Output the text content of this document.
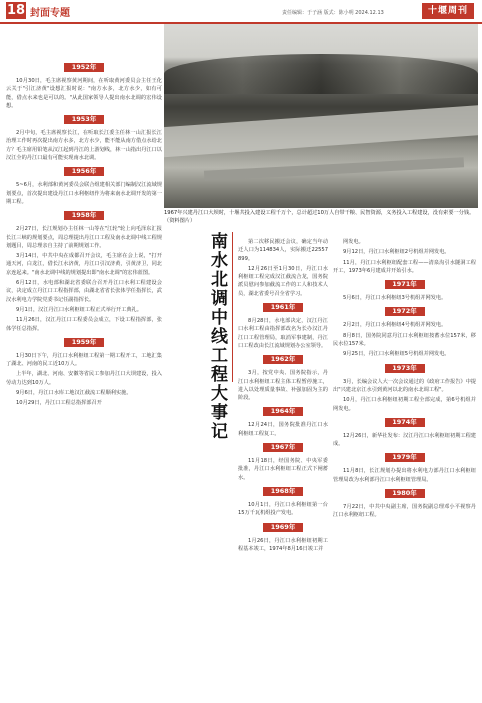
18 封面专题	责任编辑：于子涵 版式：陈小明 2024.12.13	十堰周刊
1967年兴建丹江口大坝时，十堰共投入建设工程千万个，总计超过10万人自带干粮、民智资源，义务投入工程建设，没有索要一分钱。（资料图片）
南水北调中线工程大事记
1952年

10月30日，毛主席视察黄河期间，在听取黄河委员会主任王化云关于"引江济黄"设想汇报时说："南方水多，北方水少，如有可能，借点水来也是可以的。"从此国家领导人提出南水北调的宏伟设想。

1953年

2月中旬，毛主席视察长江，在听取长江委主任林一山汇报长江治理工作时再次提出南方水多，北方水少，能不能从南方借点水给北方？毛主席用铅笔从汉江起到丹江的上游划线，林一山指出丹江口以汉江全的丹江口最有可能实现南水北调。

1956年

5~6月，水利部和黄河委员会联合组建相关部门编制汉江流域规划要点，首次提出建设丹江口水利枢纽作为将来南水北调开发的第一期工程。

1958年

2月27日，长江规划办主任林一山等在"江轮"轮上向毛泽东汇报长江三峡的规划要点，周总理提出丹江口工程及南水北调中线工程规划题目，周总理亲自主持了前期规划工作。

3月14日，中共中央在成都召开会议，毛主席在会上说，"打开通天河，白龙江，借长江水济黄，丹江口引汉济黄，引黄济卫，同北京连起来。"南水北调中线的规划提出即"南水北调"的宏伟蓝图。

6月12日，水电部和湖北省委联合召开丹江口水利工程建设会议，决定成立丹江口工程指挥部，由湖北省省长张体学任指挥长，武汉水利电力学院党委书记任副指挥长。

9月1日，汉江丹江口水利枢纽工程正式举行开工典礼。

11月26日，汉江丹江口工程委员会成立，下设工程指挥部，张体学任总指挥。

1959年

1月30日下午，丹江口水利枢纽工程第一期工程开工，工地汇集了湖北、河南的民工近10万人。

上半年，湖北、河南、安徽等省民工参加丹江口大坝建设，投入劳动力达到10万人。

9月6日，丹江口水库工地汉江截流工程顺利实施。

10月29日，丹江口工程总指挥部召开

第二次移民搬迁会议，确定当年动迁人口为114834人，实际搬迁22557899。

12月26日至1月30日，丹江口水利枢纽工程完成汉江截流合龙，国务院派员慰问参加截流工作的工人和技术人员，湖北省委号召全省学习。

1961年

8月28日，水电部决定，汉江丹江口水利工程由指挥部改名为长办汉江丹江口工程管理局，取消军事建制，丹江口工程改由长江流域规划办公室领导。

1962年

3月，按党中央、国务院指示，丹江口水利枢纽工程主体工程暂停施工，进入以处理质量事故、补强加固为主的阶段。

1964年

12月24日，国务院批准丹江口水利枢纽工程复工。

1967年

11月18日，经国务院、中央军委批准，丹江口水利枢纽工程正式下闸蓄水。

1968年

10月1日，丹江口水利枢纽第一台15万千瓦机组投产发电。

1969年

1月26日，丹江口水利枢纽初期工程基本竣工，1974年8月16日竣工并

网发电。

9月12日，丹江口水利枢纽2号机组并网发电。

11月，丹江口水利枢纽配套工程——清泉沟引水隧洞工程开工，1973年6月建成并开始引水。

1971年

5月6日，丹江口水利枢纽3号机组并网发电。

1972年

2月2日，丹江口水利枢纽4号机组并网发电。

8月8日，国务院同意丹江口水利枢纽按蓄水位157米，移民水位157米。

9月25日，丹江口水利枢纽5号机组并网发电。

1973年

3月，长编会议人大一次会议通过的《政府工作报告》中提出"兴建北京江水引到黄河以北的南水北调工程"。

10月，丹江口水利枢纽初期工程全部完成，第6号机组并网发电。

1974年

12月26日，新华社发布：汉江丹江口水利枢纽初期工程建成。

1979年

11月8日，长江规划办提出将水利电力部丹江口水利枢纽管理局改为水利部丹江口水利枢纽管理局。

1980年

7月22日，中共中央副主席，国务院副总理邓小平视察丹江口水利枢纽工程。
